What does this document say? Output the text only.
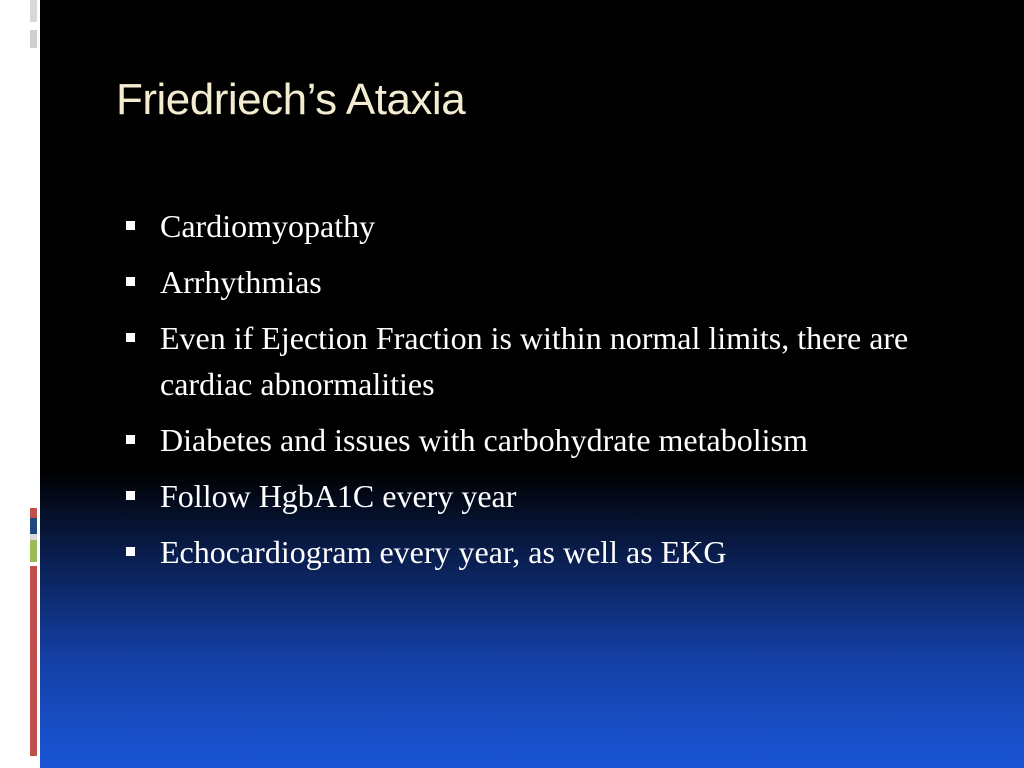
Friedriech’s Ataxia
Cardiomyopathy
Arrhythmias
Even if Ejection Fraction is within normal limits, there are cardiac abnormalities
Diabetes and issues with carbohydrate metabolism
Follow HgbA1C every year
Echocardiogram every year, as well as EKG
